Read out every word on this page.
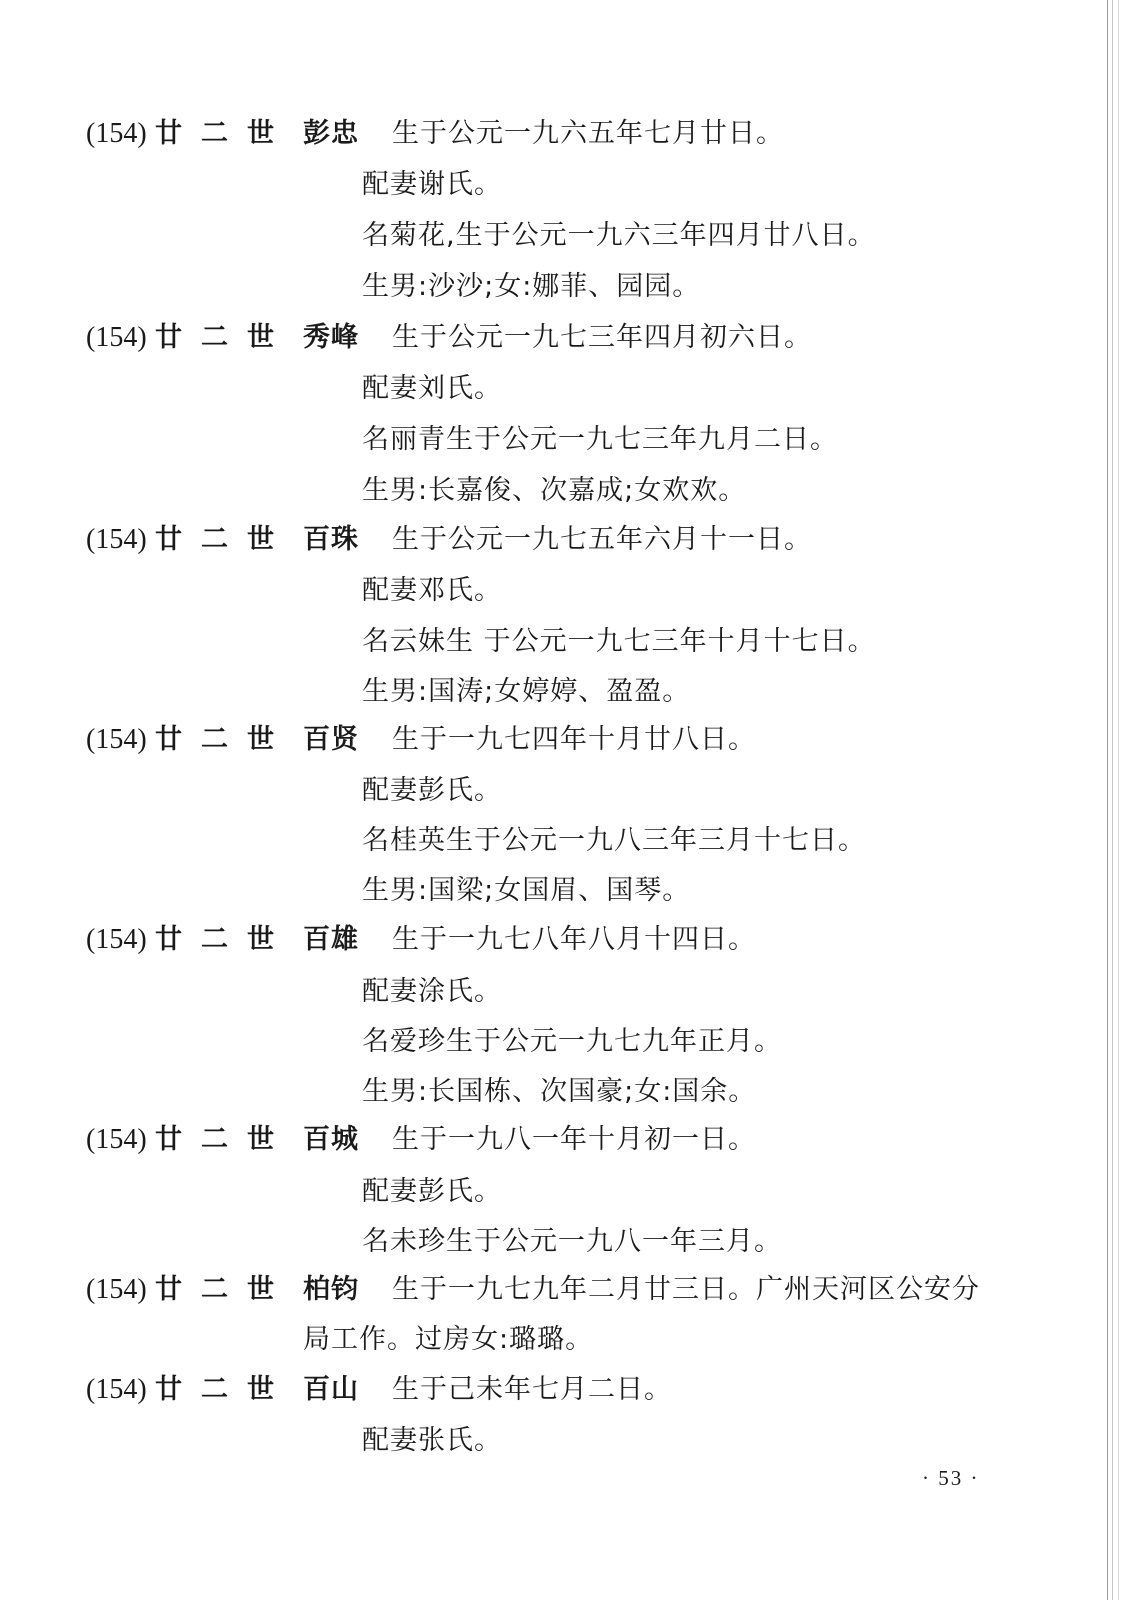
(154) 廿二世 彭忠 生于公元一九六五年七月廿日。
配妻谢氏。
名菊花,生于公元一九六三年四月廿八日。
生男:沙沙;女:娜菲、园园。
(154) 廿二世 秀峰 生于公元一九七三年四月初六日。
配妻刘氏。
名丽青生于公元一九七三年九月二日。
生男:长嘉俊、次嘉成;女欢欢。
(154) 廿二世 百珠 生于公元一九七五年六月十一日。
配妻邓氏。
名云妹生 于公元一九七三年十月十七日。
生男:国涛;女婷婷、盈盈。
(154) 廿二世 百贤 生于一九七四年十月廿八日。
配妻彭氏。
名桂英生于公元一九八三年三月十七日。
生男:国梁;女国眉、国琴。
(154) 廿二世 百雄 生于一九七八年八月十四日。
配妻涂氏。
名爱珍生于公元一九七九年正月。
生男:长国栋、次国豪;女:国余。
(154) 廿二世 百城 生于一九八一年十月初一日。
配妻彭氏。
名未珍生于公元一九八一年三月。
(154) 廿二世 柏钧 生于一九七九年二月廿三日。广州天河区公安分
局工作。过房女:璐璐。
(154) 廿二世 百山 生于己未年七月二日。
配妻张氏。
· 53 ·
